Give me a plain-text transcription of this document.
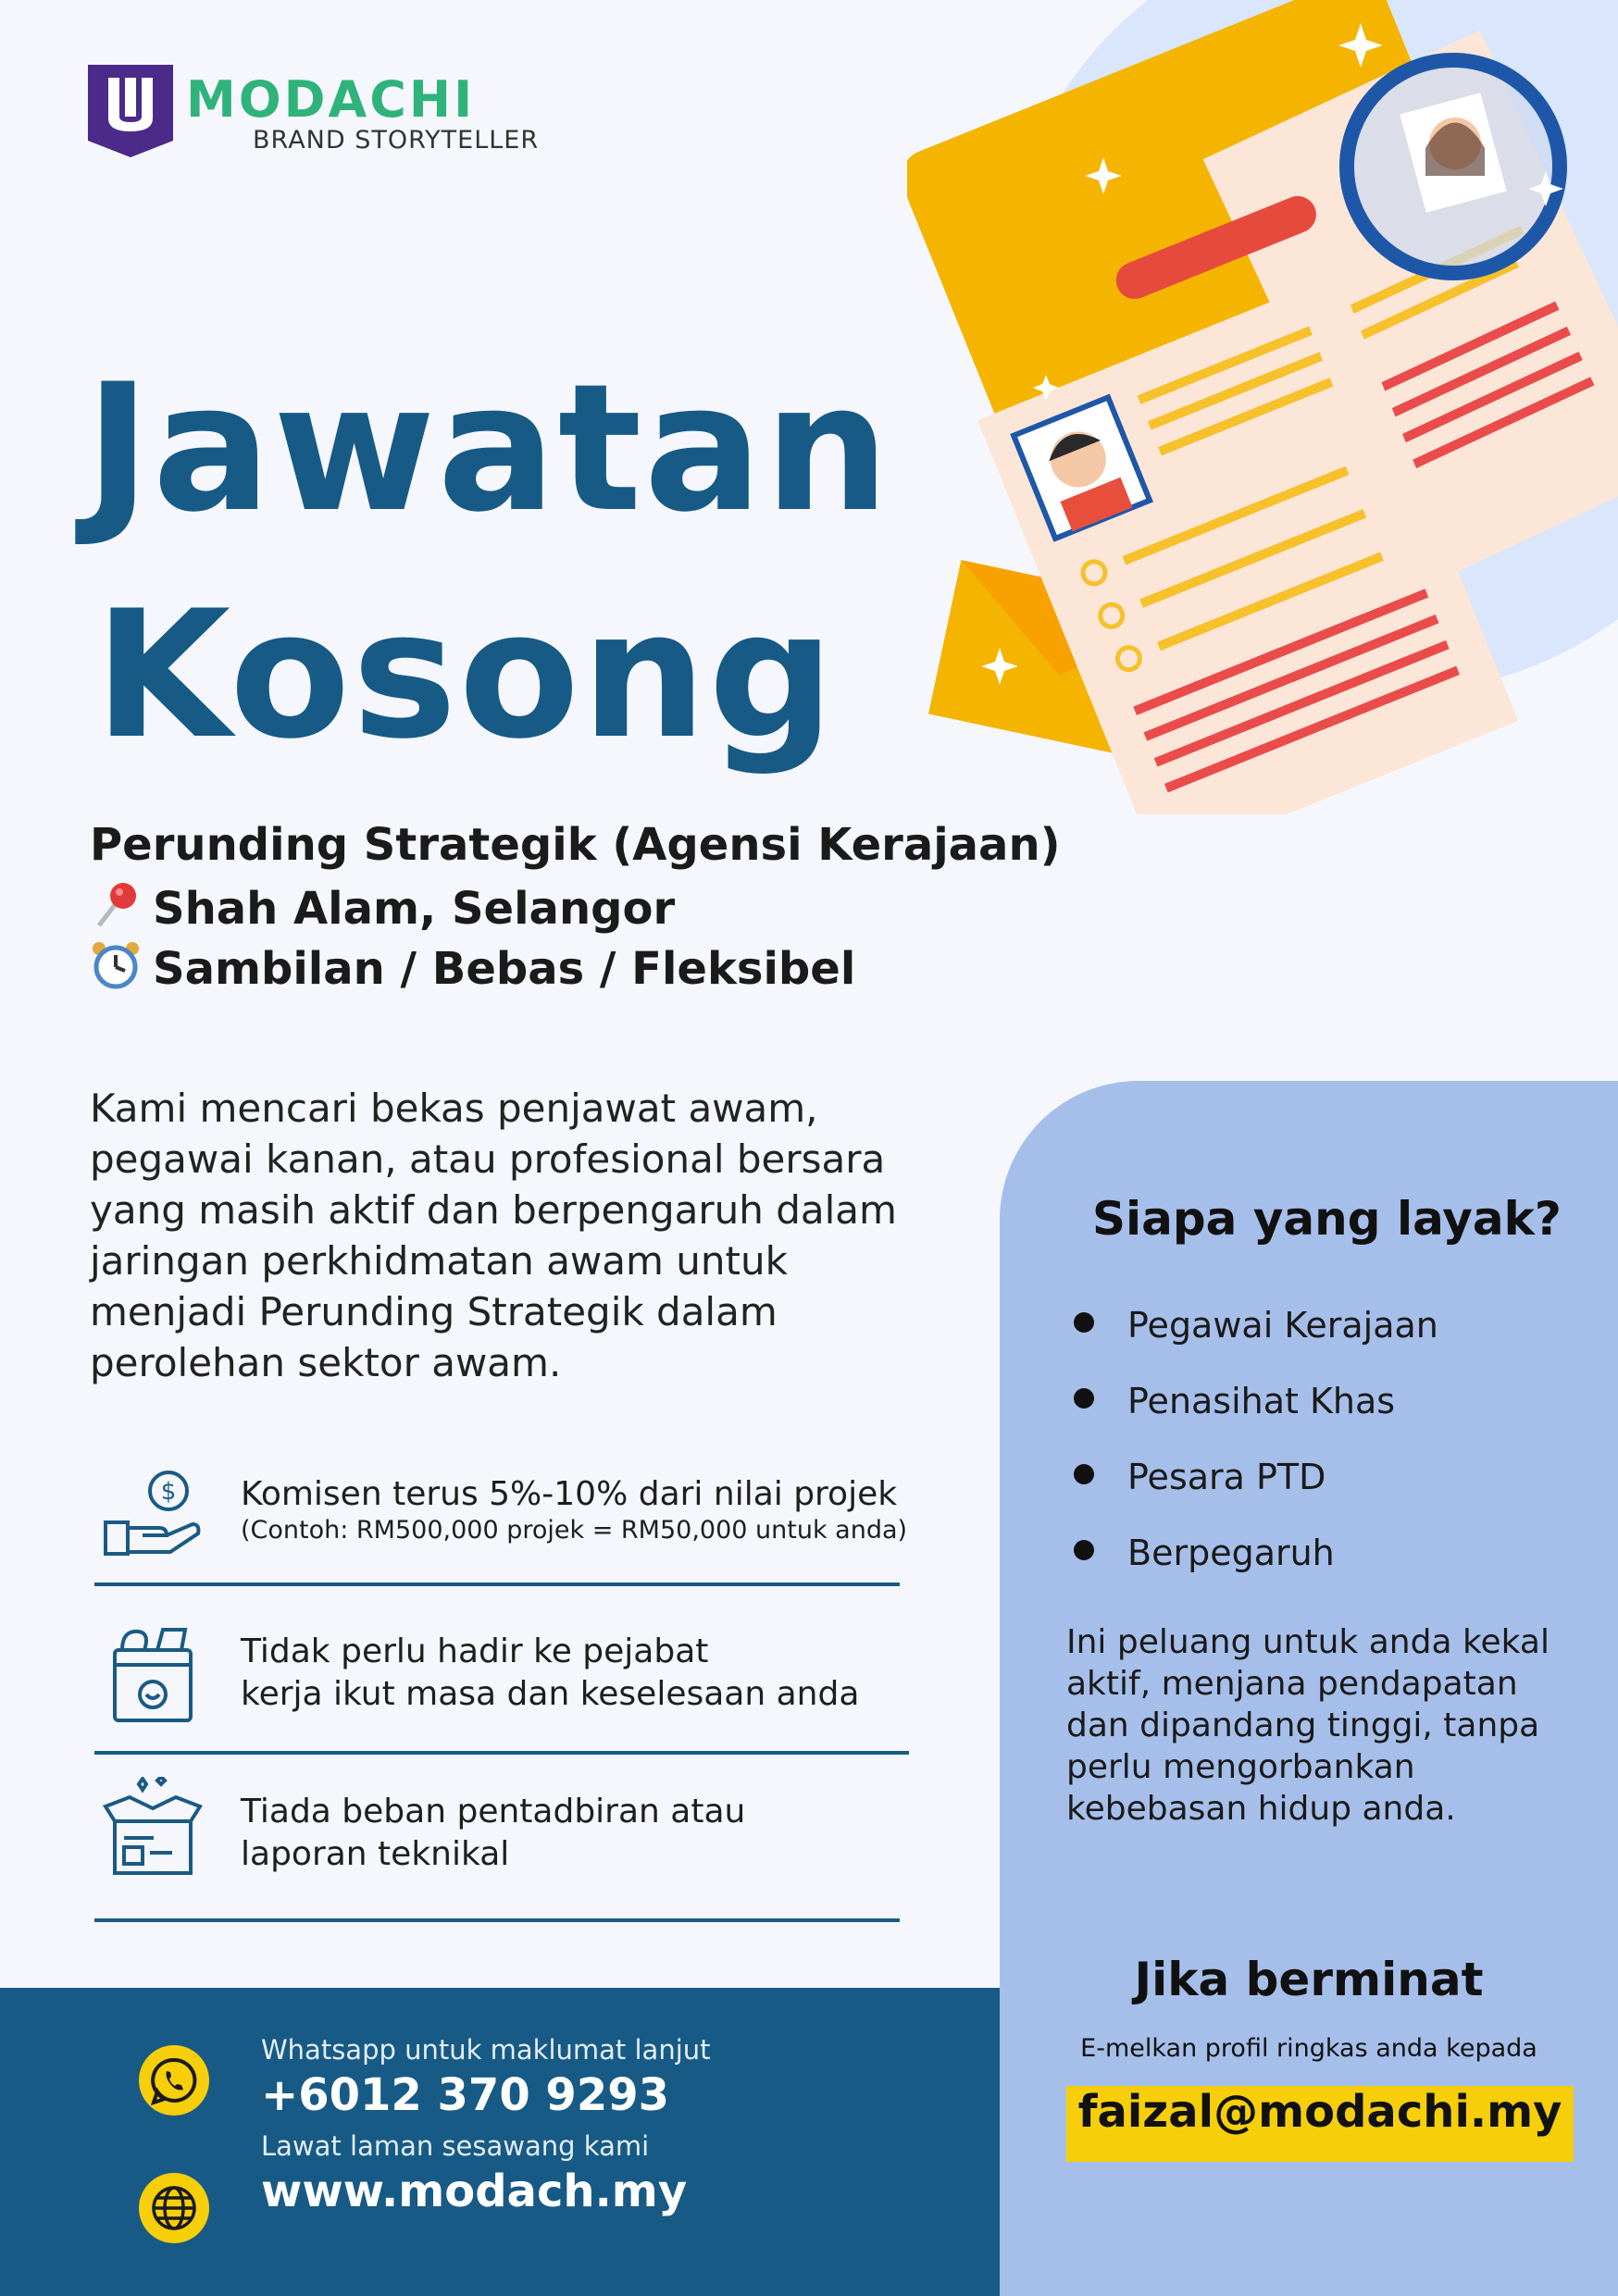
MODACHI
BRAND STORYTELLER
Jawatan
Kosong
Perunding Strategik (Agensi Kerajaan)
Shah Alam, Selangor
Sambilan / Bebas / Fleksibel
Kami mencari bekas penjawat awam,
pegawai kanan, atau profesional bersara
yang masih aktif dan berpengaruh dalam
jaringan perkhidmatan awam untuk
menjadi Perunding Strategik dalam
perolehan sektor awam.
$ Komisen terus 5%-10% dari nilai projek
(Contoh: RM500,000 projek = RM50,000 untuk anda)
Tidak perlu hadir ke pejabat
kerja ikut masa dan keselesaan anda
Tiada beban pentadbiran atau
laporan teknikal
Siapa yang layak?
Pegawai Kerajaan
Penasihat Khas
Pesara PTD
Berpegaruh
Ini peluang untuk anda kekal aktif, menjana pendapatan dan dipandang tinggi, tanpa perlu mengorbankan kebebasan hidup anda.
Jika berminat
E-melkan profil ringkas anda kepada
faizal@modachi.my
Whatsapp untuk maklumat lanjut
+6012 370 9293
Lawat laman sesawang kami
www.modach.my
